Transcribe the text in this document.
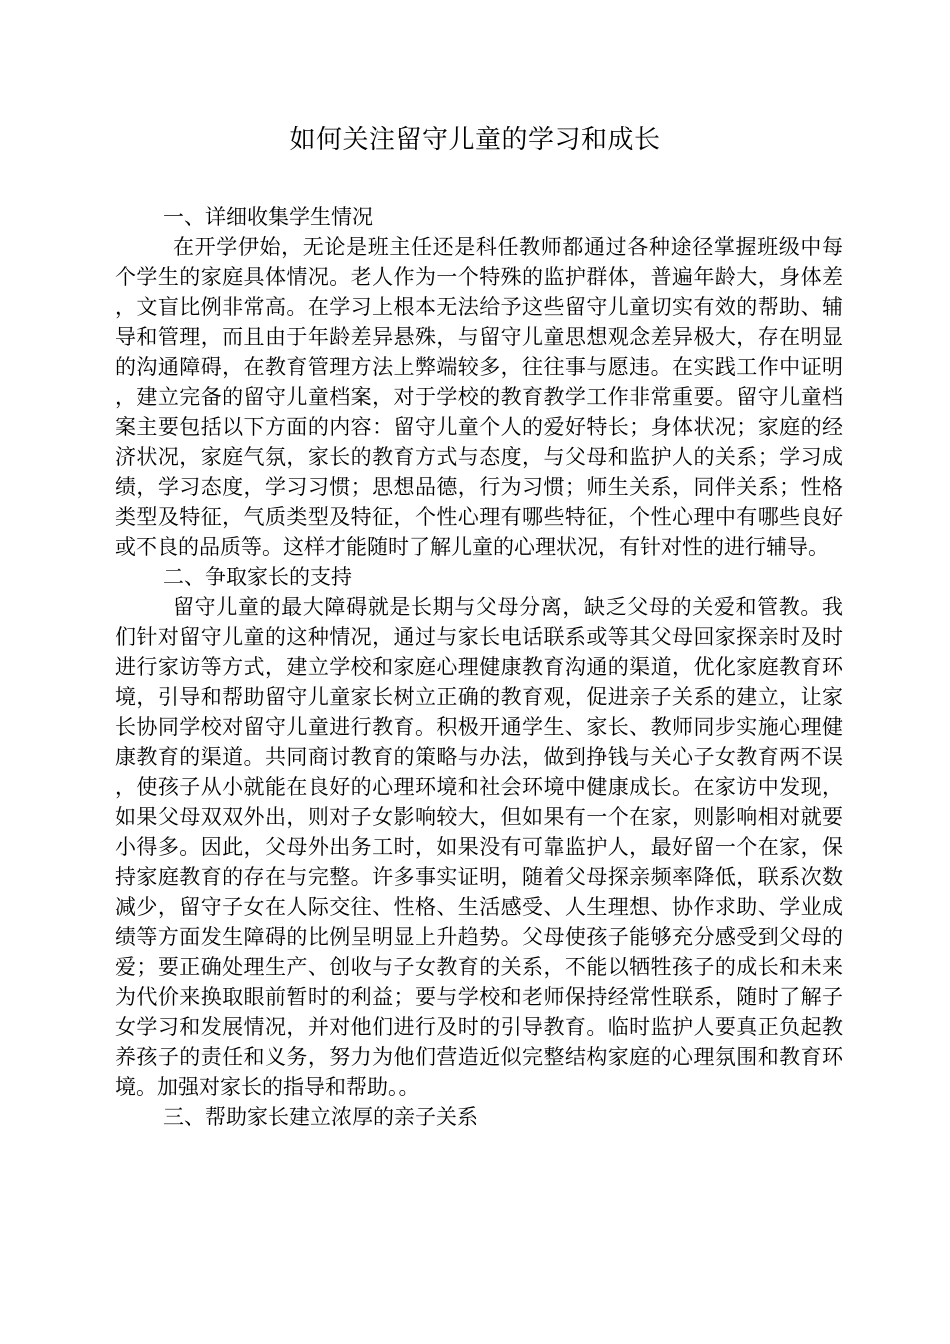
如何关注留守儿童的学习和成长

一、详细收集学生情况

在开学伊始，无论是班主任还是科任教师都通过各种途径掌握班级中每个学生的家庭具体情况。老人作为一个特殊的监护群体，普遍年龄大，身体差，文盲比例非常高。在学习上根本无法给予这些留守儿童切实有效的帮助、辅导和管理，而且由于年龄差异悬殊，与留守儿童思想观念差异极大，存在明显的沟通障碍，在教育管理方法上弊端较多，往往事与愿违。在实践工作中证明，建立完备的留守儿童档案，对于学校的教育教学工作非常重要。留守儿童档案主要包括以下方面的内容：留守儿童个人的爱好特长；身体状况；家庭的经济状况，家庭气氛，家长的教育方式与态度，与父母和监护人的关系；学习成绩，学习态度，学习习惯；思想品德，行为习惯；师生关系，同伴关系；性格类型及特征，气质类型及特征，个性心理有哪些特征，个性心理中有哪些良好或不良的品质等。这样才能随时了解儿童的心理状况，有针对性的进行辅导。

二、争取家长的支持

留守儿童的最大障碍就是长期与父母分离，缺乏父母的关爱和管教。我们针对留守儿童的这种情况，通过与家长电话联系或等其父母回家探亲时及时进行家访等方式，建立学校和家庭心理健康教育沟通的渠道，优化家庭教育环境，引导和帮助留守儿童家长树立正确的教育观，促进亲子关系的建立，让家长协同学校对留守儿童进行教育。积极开通学生、家长、教师同步实施心理健康教育的渠道。共同商讨教育的策略与办法，做到挣钱与关心子女教育两不误，使孩子从小就能在良好的心理环境和社会环境中健康成长。在家访中发现，如果父母双双外出，则对子女影响较大，但如果有一个在家，则影响相对就要小得多。因此，父母外出务工时，如果没有可靠监护人，最好留一个在家，保持家庭教育的存在与完整。许多事实证明，随着父母探亲频率降低，联系次数减少，留守子女在人际交往、性格、生活感受、人生理想、协作求助、学业成绩等方面发生障碍的比例呈明显上升趋势。父母使孩子能够充分感受到父母的爱；要正确处理生产、创收与子女教育的关系，不能以牺牲孩子的成长和未来为代价来换取眼前暂时的利益；要与学校和老师保持经常性联系，随时了解子女学习和发展情况，并对他们进行及时的引导教育。临时监护人要真正负起教养孩子的责任和义务，努力为他们营造近似完整结构家庭的心理氛围和教育环境。加强对家长的指导和帮助。。

三、帮助家长建立浓厚的亲子关系
